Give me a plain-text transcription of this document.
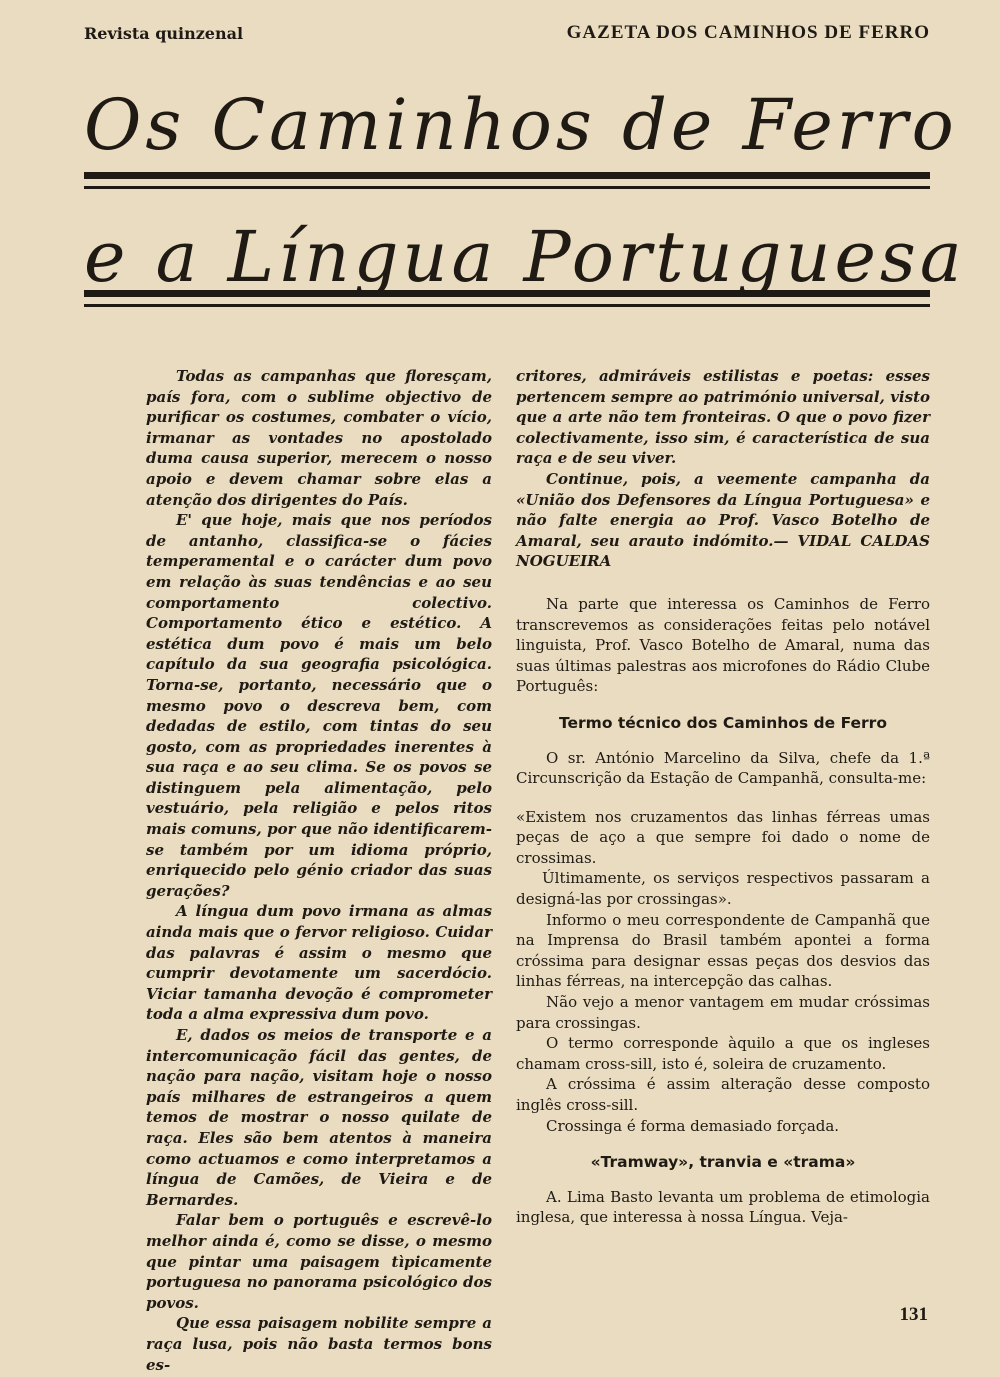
Revista quinzenal	GAZETA DOS CAMINHOS DE FERRO
Os Caminhos de Ferro
e a Língua Portuguesa

Todas as campanhas que floresçam, país fora, com o sublime objectivo de purificar os costumes, combater o vício, irmanar as vontades no apostolado duma causa superior, merecem o nosso apoio e devem chamar sobre elas a atenção dos dirigentes do País.

E' que hoje, mais que nos períodos de antanho, classifica-se o fácies temperamental e o carácter dum povo em relação às suas tendências e ao seu comportamento colectivo. Comportamento ético e estético. A estética dum povo é mais um belo capítulo da sua geografia psicológica. Torna-se, portanto, necessário que o mesmo povo o descreva bem, com dedadas de estilo, com tintas do seu gosto, com as propriedades inerentes à sua raça e ao seu clima. Se os povos se distinguem pela alimentação, pelo vestuário, pela religião e pelos ritos mais comuns, por que não identificarem-se também por um idioma próprio, enriquecido pelo génio criador das suas gerações?

A língua dum povo irmana as almas ainda mais que o fervor religioso. Cuidar das palavras é assim o mesmo que cumprir devotamente um sacerdócio. Viciar tamanha devoção é comprometer toda a alma expressiva dum povo.

E, dados os meios de transporte e a intercomunicação fácil das gentes, de nação para nação, visitam hoje o nosso país milhares de estrangeiros a quem temos de mostrar o nosso quilate de raça. Eles são bem atentos à maneira como actuamos e como interpretamos a língua de Camões, de Vieira e de Bernardes.

Falar bem o português e escrevê-lo melhor ainda é, como se disse, o mesmo que pintar uma paisagem tìpicamente portuguesa no panorama psicológico dos povos.

Que essa paisagem nobilite sempre a raça lusa, pois não basta termos bons es-

critores, admiráveis estilistas e poetas: esses pertencem sempre ao património universal, visto que a arte não tem fronteiras. O que o povo fizer colectivamente, isso sim, é característica de sua raça e de seu viver.

Continue, pois, a veemente campanha da «União dos Defensores da Língua Portuguesa» e não falte energia ao Prof. Vasco Botelho de Amaral, seu arauto indómito.— VIDAL CALDAS NOGUEIRA

Na parte que interessa os Caminhos de Ferro transcrevemos as considerações feitas pelo notável linguista, Prof. Vasco Botelho de Amaral, numa das suas últimas palestras aos microfones do Rádio Clube Português:

Termo técnico dos Caminhos de Ferro

O sr. António Marcelino da Silva, chefe da 1.ª Circunscrição da Estação de Campanhã, consulta-me:

«Existem nos cruzamentos das linhas férreas umas peças de aço a que sempre foi dado o nome de crossimas.

Últimamente, os serviços respectivos passaram a designá-las por crossingas».

Informo o meu correspondente de Campanhã que na Imprensa do Brasil também apontei a forma cróssima para designar essas peças dos desvios das linhas férreas, na intercepção das calhas.

Não vejo a menor vantagem em mudar cróssimas para crossingas.

O termo corresponde àquilo a que os ingleses chamam cross-sill, isto é, soleira de cruzamento.

A cróssima é assim alteração desse composto inglês cross-sill.

Crossinga é forma demasiado forçada.

«Tramway», tranvia e «trama»

A. Lima Basto levanta um problema de etimologia inglesa, que interessa à nossa Língua. Veja-

131
